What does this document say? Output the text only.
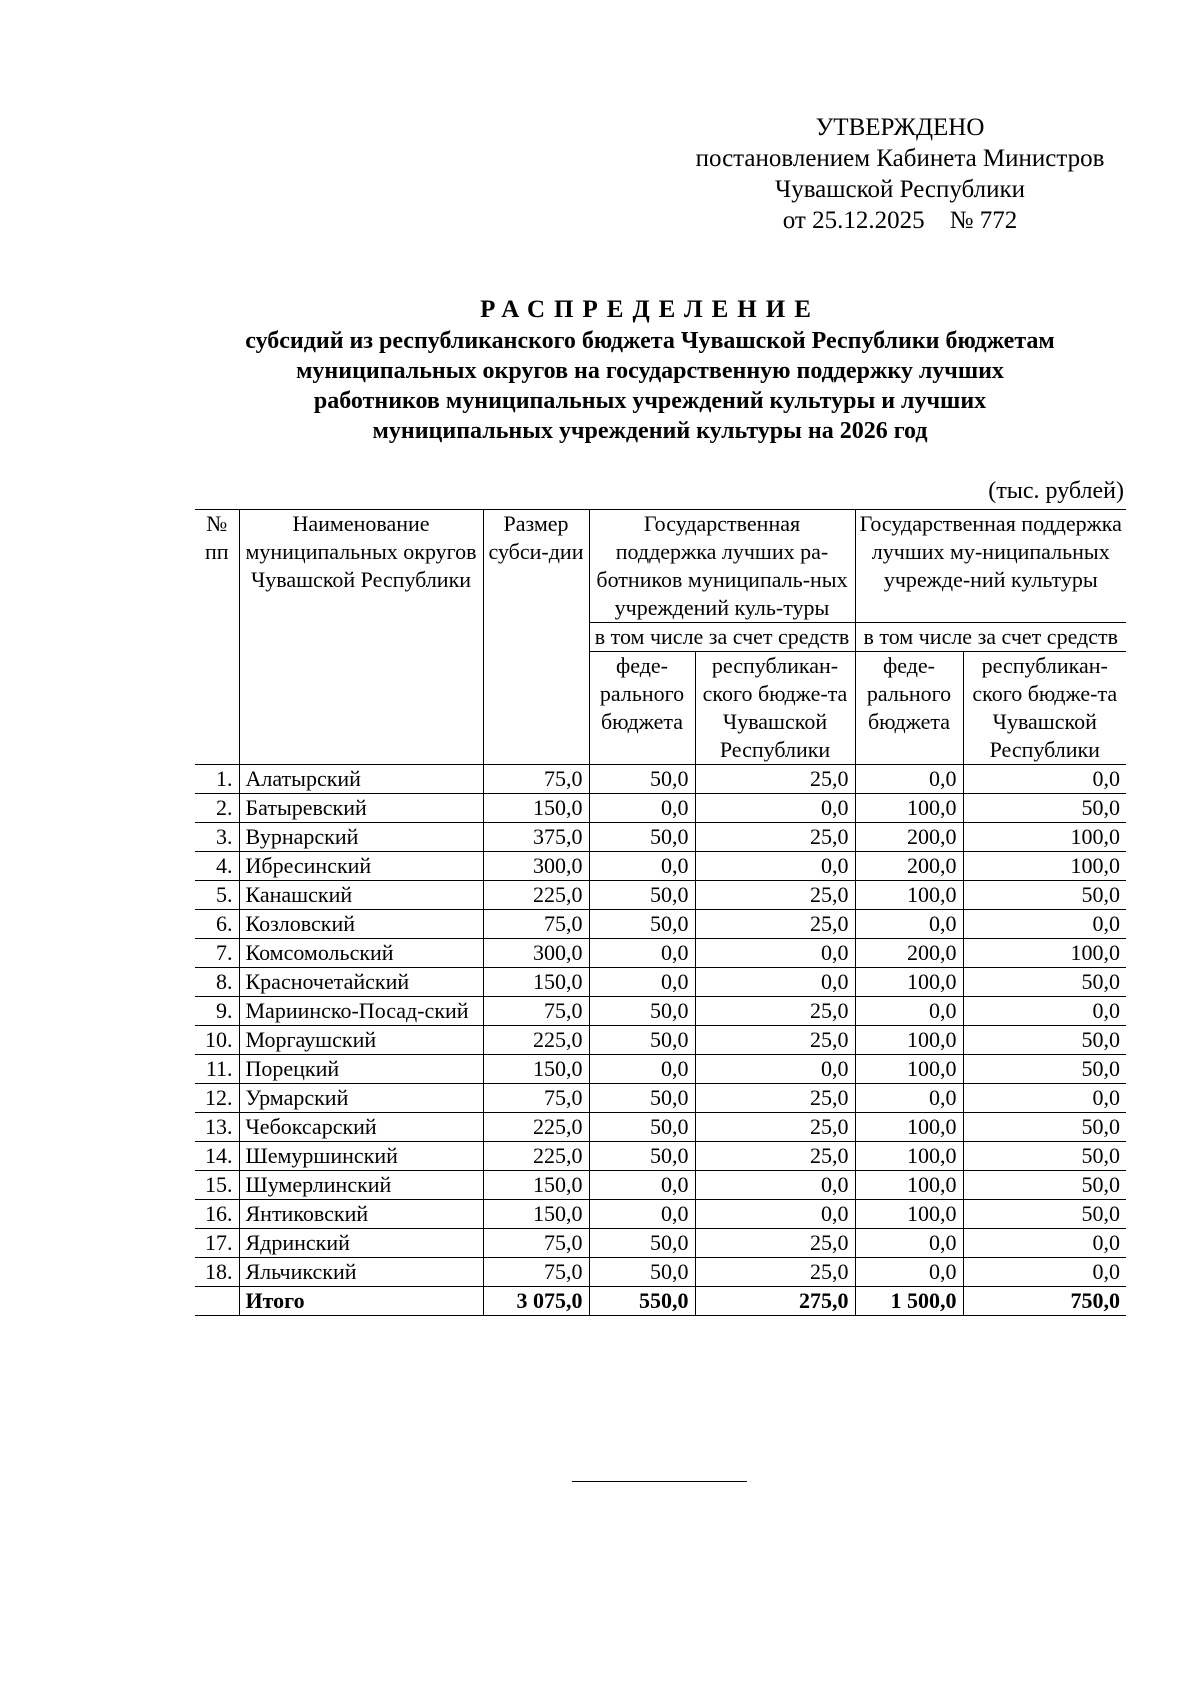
УТВЕРЖДЕНО
постановлением Кабинета Министров
Чувашской Республики
от 25.12.2025    № 772
РАСПРЕДЕЛЕНИЕ
субсидий из республиканского бюджета Чувашской Республики бюджетам
муниципальных округов на государственную поддержку лучших
работников муниципальных учреждений культуры и лучших
муниципальных учреждений культуры на 2026 год
(тыс. рублей)
№ пп	Наименование муниципальных округов Чувашской Республики	Размер субси-дии	Государственная поддержка лучших ра-ботников муниципаль-ных учреждений куль-туры		Государственная поддержка лучших му-ниципальных учрежде-ний культуры	
			в том числе за счет средств		в том числе за счет средств	
			феде-рального бюджета	республикан-ского бюдже-та Чувашской Республики	феде-рального бюджета	республикан-ского бюдже-та Чувашской Республики
1.	Алатырский	75,0	50,0	25,0	0,0	0,0
2.	Батыревский	150,0	0,0	0,0	100,0	50,0
3.	Вурнарский	375,0	50,0	25,0	200,0	100,0
4.	Ибресинский	300,0	0,0	0,0	200,0	100,0
5.	Канашский	225,0	50,0	25,0	100,0	50,0
6.	Козловский	75,0	50,0	25,0	0,0	0,0
7.	Комсомольский	300,0	0,0	0,0	200,0	100,0
8.	Красночетайский	150,0	0,0	0,0	100,0	50,0
9.	Мариинско-Посад-ский	75,0	50,0	25,0	0,0	0,0
10.	Моргаушский	225,0	50,0	25,0	100,0	50,0
11.	Порецкий	150,0	0,0	0,0	100,0	50,0
12.	Урмарский	75,0	50,0	25,0	0,0	0,0
13.	Чебоксарский	225,0	50,0	25,0	100,0	50,0
14.	Шемуршинский	225,0	50,0	25,0	100,0	50,0
15.	Шумерлинский	150,0	0,0	0,0	100,0	50,0
16.	Янтиковский	150,0	0,0	0,0	100,0	50,0
17.	Ядринский	75,0	50,0	25,0	0,0	0,0
18.	Яльчикский	75,0	50,0	25,0	0,0	0,0
	Итого	3 075,0	550,0	275,0	1 500,0	750,0
